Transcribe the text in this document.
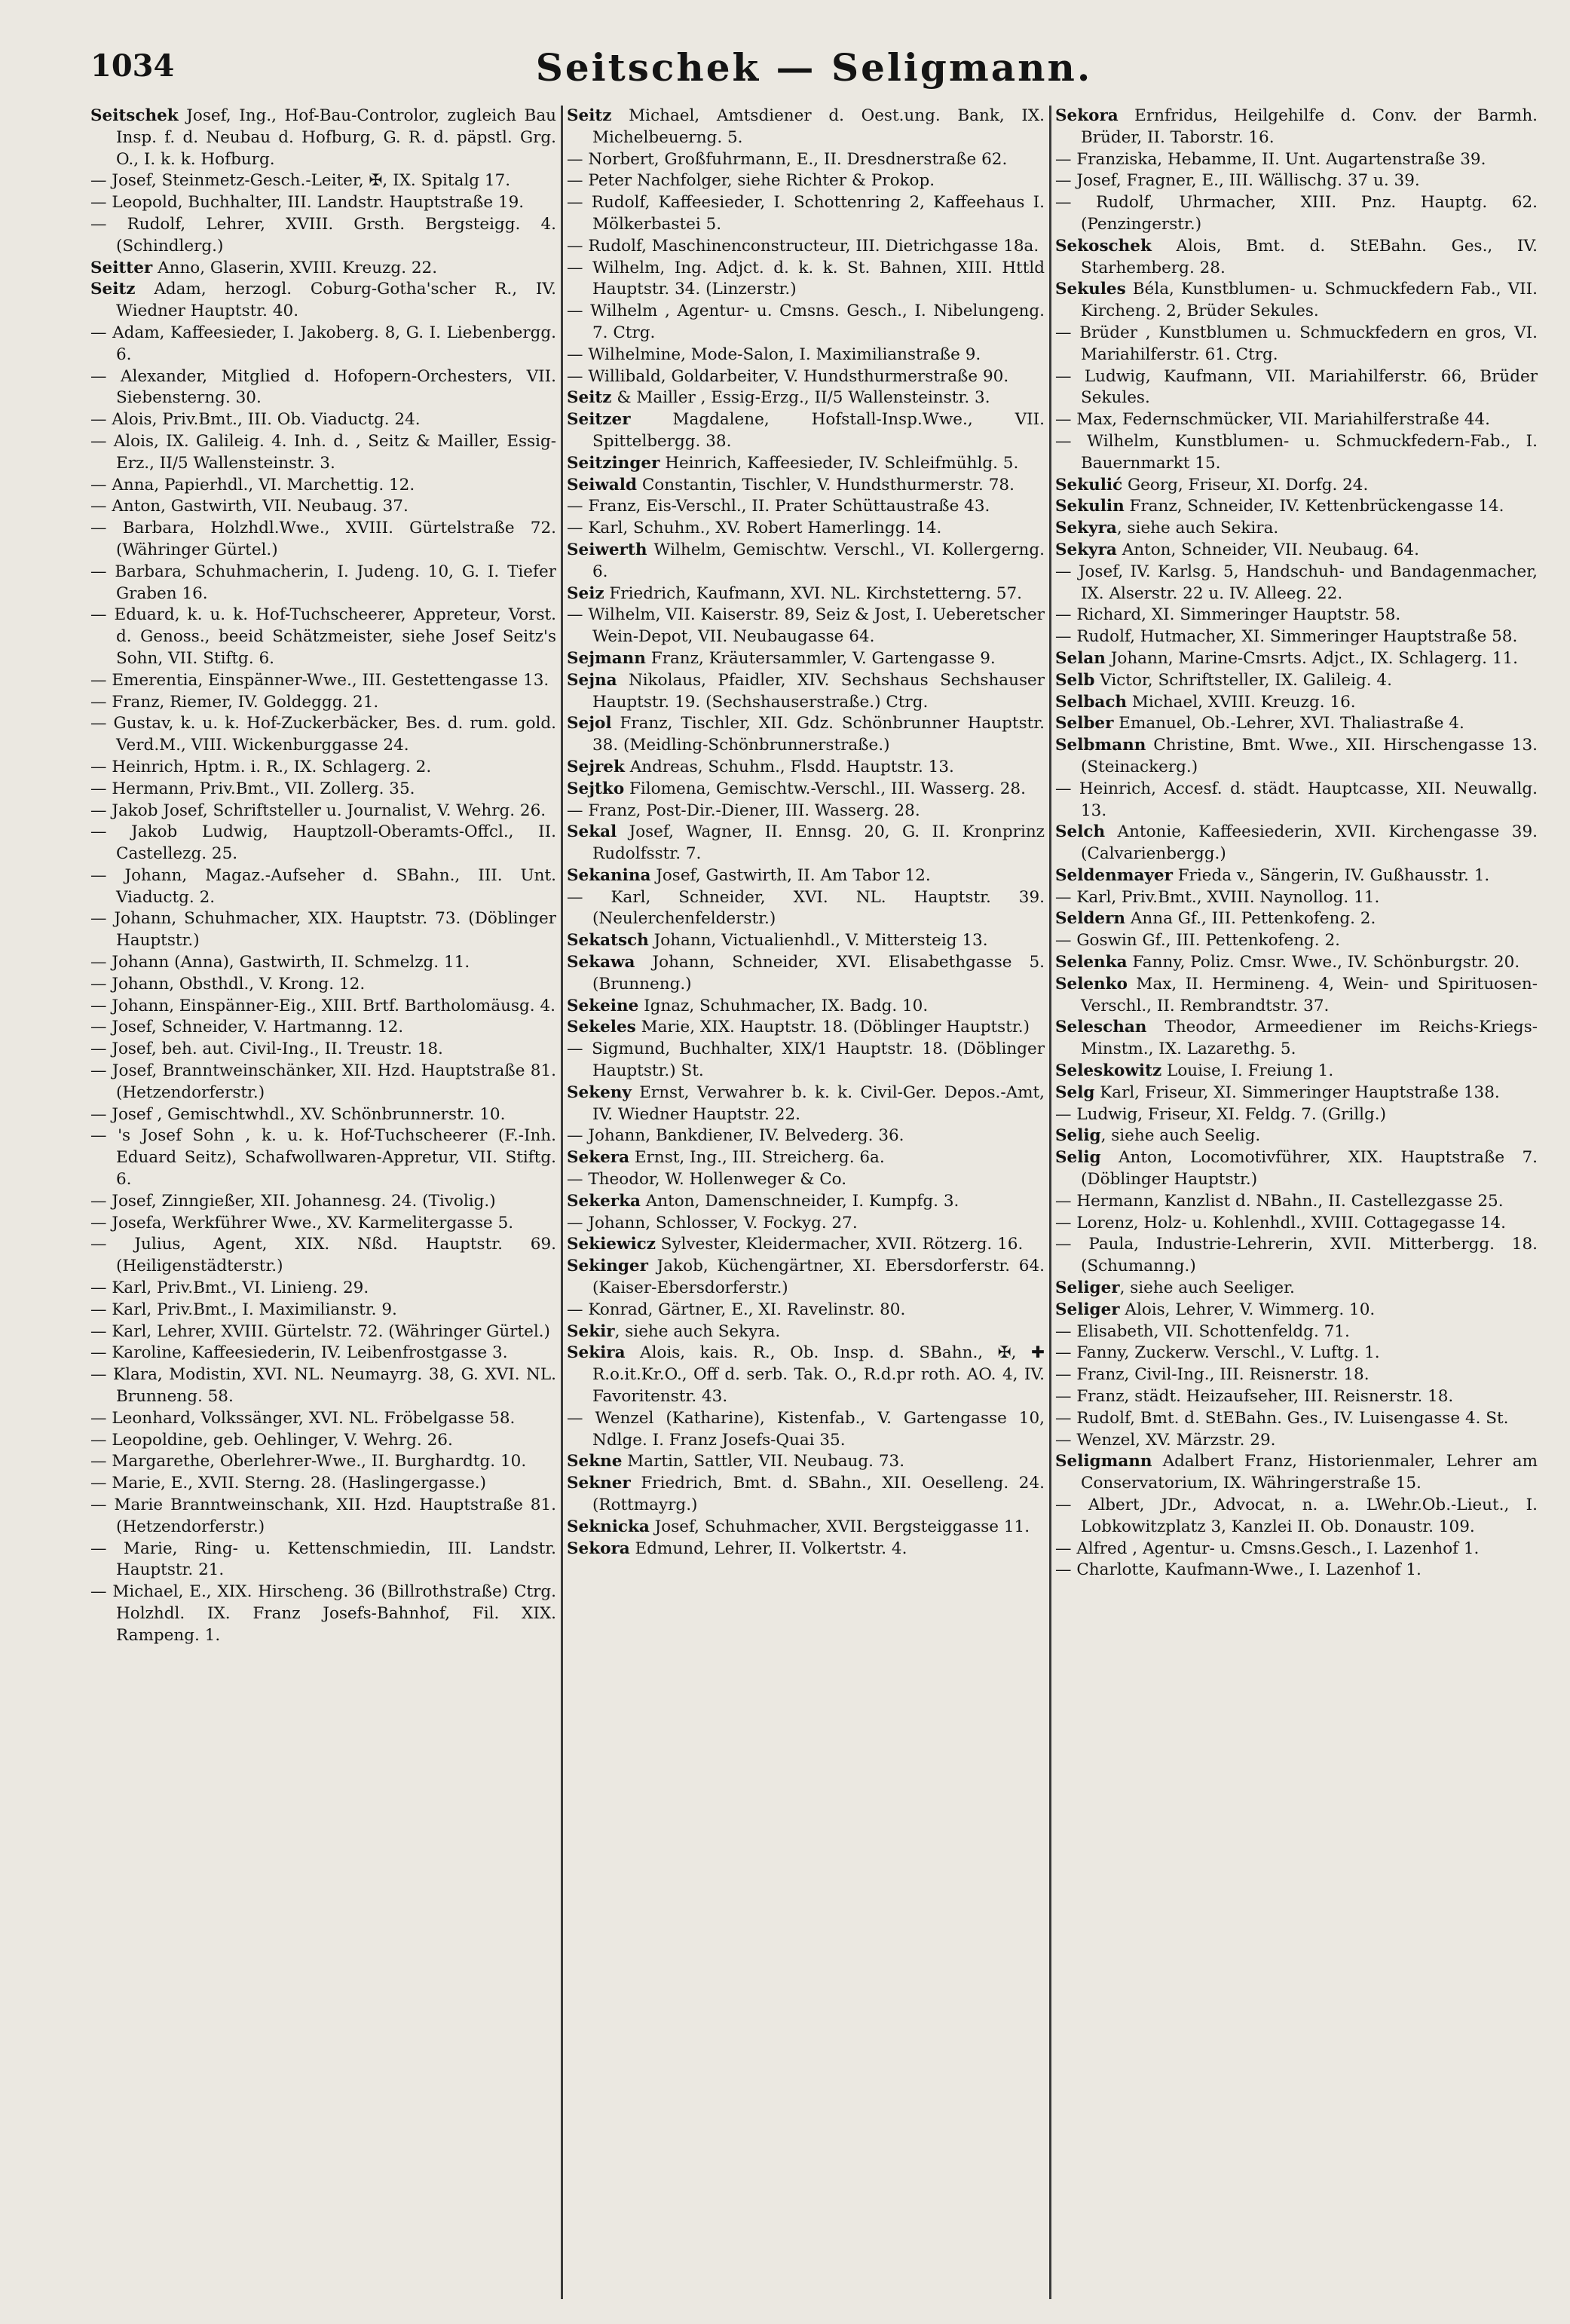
1034	Seitschek — Seligmann.

Seitschek Josef, Ing., Hof-Bau-Controlor, zugleich Bau Insp. f. d. Neubau d. Hofburg, G. R. d. päpstl. Grg. O., I. k. k. Hofburg.

— Josef, Steinmetz-Gesch.-Leiter, ✠, IX. Spitalg 17.

— Leopold, Buchhalter, III. Landstr. Hauptstraße 19.

— Rudolf, Lehrer, XVIII. Grsth. Bergsteigg. 4. (Schindlerg.)

Seitter Anno, Glaserin, XVIII. Kreuzg. 22.

Seitz Adam, herzogl. Coburg-Gotha'scher R., IV. Wiedner Hauptstr. 40.

— Adam, Kaffeesieder, I. Jakoberg. 8, G. I. Liebenbergg. 6.

— Alexander, Mitglied d. Hofopern-Orchesters, VII. Siebensterng. 30.

— Alois, Priv.Bmt., III. Ob. Viaductg. 24.

— Alois, IX. Galileig. 4. Inh. d. , Seitz & Mailler, Essig-Erz., II/5 Wallensteinstr. 3.

— Anna, Papierhdl., VI. Marchettig. 12.

— Anton, Gastwirth, VII. Neubaug. 37.

— Barbara, Holzhdl.Wwe., XVIII. Gürtelstraße 72. (Währinger Gürtel.)

— Barbara, Schuhmacherin, I. Judeng. 10, G. I. Tiefer Graben 16.

— Eduard, k. u. k. Hof-Tuchscheerer, Appreteur, Vorst. d. Genoss., beeid Schätzmeister, siehe Josef Seitz's Sohn, VII. Stiftg. 6.

— Emerentia, Einspänner-Wwe., III. Gestettengasse 13.

— Franz, Riemer, IV. Goldeggg. 21.

— Gustav, k. u. k. Hof-Zuckerbäcker, Bes. d. rum. gold. Verd.M., VIII. Wickenburggasse 24.

— Heinrich, Hptm. i. R., IX. Schlagerg. 2.

— Hermann, Priv.Bmt., VII. Zollerg. 35.

— Jakob Josef, Schriftsteller u. Journalist, V. Wehrg. 26.

— Jakob Ludwig, Hauptzoll-Oberamts-Offcl., II. Castellezg. 25.

— Johann, Magaz.-Aufseher d. SBahn., III. Unt. Viaductg. 2.

— Johann, Schuhmacher, XIX. Hauptstr. 73. (Döblinger Hauptstr.)

— Johann (Anna), Gastwirth, II. Schmelzg. 11.

— Johann, Obsthdl., V. Krong. 12.

— Johann, Einspänner-Eig., XIII. Brtf. Bartholomäusg. 4.

— Josef, Schneider, V. Hartmanng. 12.

— Josef, beh. aut. Civil-Ing., II. Treustr. 18.

— Josef, Branntweinschänker, XII. Hzd. Hauptstraße 81. (Hetzendorferstr.)

— Josef , Gemischtwhdl., XV. Schönbrunnerstr. 10.

— 's Josef Sohn , k. u. k. Hof-Tuchscheerer (F.-Inh. Eduard Seitz), Schafwollwaren-Appretur, VII. Stiftg. 6.

— Josef, Zinngießer, XII. Johannesg. 24. (Tivolig.)

— Josefa, Werkführer Wwe., XV. Karmelitergasse 5.

— Julius, Agent, XIX. Nßd. Hauptstr. 69. (Heiligenstädterstr.)

— Karl, Priv.Bmt., VI. Linieng. 29.

— Karl, Priv.Bmt., I. Maximilianstr. 9.

— Karl, Lehrer, XVIII. Gürtelstr. 72. (Währinger Gürtel.)

— Karoline, Kaffeesiederin, IV. Leibenfrostgasse 3.

— Klara, Modistin, XVI. NL. Neumayrg. 38, G. XVI. NL. Brunneng. 58.

— Leonhard, Volkssänger, XVI. NL. Fröbelgasse 58.

— Leopoldine, geb. Oehlinger, V. Wehrg. 26.

— Margarethe, Oberlehrer-Wwe., II. Burghardtg. 10.

— Marie, E., XVII. Sterng. 28. (Haslingergasse.)

— Marie Branntweinschank, XII. Hzd. Hauptstraße 81. (Hetzendorferstr.)

— Marie, Ring- u. Kettenschmiedin, III. Landstr. Hauptstr. 21.

— Michael, E., XIX. Hirscheng. 36 (Billrothstraße) Ctrg. Holzhdl. IX. Franz Josefs-Bahnhof, Fil. XIX. Rampeng. 1.

Seitz Michael, Amtsdiener d. Oest.ung. Bank, IX. Michelbeuerng. 5.

— Norbert, Großfuhrmann, E., II. Dresdnerstraße 62.

— Peter Nachfolger, siehe Richter & Prokop.

— Rudolf, Kaffeesieder, I. Schottenring 2, Kaffeehaus I. Mölkerbastei 5.

— Rudolf, Maschinenconstructeur, III. Dietrichgasse 18a.

— Wilhelm, Ing. Adjct. d. k. k. St. Bahnen, XIII. Httld Hauptstr. 34. (Linzerstr.)

— Wilhelm , Agentur- u. Cmsns. Gesch., I. Nibelungeng. 7. Ctrg.

— Wilhelmine, Mode-Salon, I. Maximilianstraße 9.

— Willibald, Goldarbeiter, V. Hundsthurmerstraße 90.

Seitz & Mailler , Essig-Erzg., II/5 Wallensteinstr. 3.

Seitzer Magdalene, Hofstall-Insp.Wwe., VII. Spittelbergg. 38.

Seitzinger Heinrich, Kaffeesieder, IV. Schleifmühlg. 5.

Seiwald Constantin, Tischler, V. Hundsthurmerstr. 78.

— Franz, Eis-Verschl., II. Prater Schüttaustraße 43.

— Karl, Schuhm., XV. Robert Hamerlingg. 14.

Seiwerth Wilhelm, Gemischtw. Verschl., VI. Kollergerng. 6.

Seiz Friedrich, Kaufmann, XVI. NL. Kirchstetterng. 57.

— Wilhelm, VII. Kaiserstr. 89, Seiz & Jost, I. Ueberetscher Wein-Depot, VII. Neubaugasse 64.

Sejmann Franz, Kräutersammler, V. Gartengasse 9.

Sejna Nikolaus, Pfaidler, XIV. Sechshaus Sechshauser Hauptstr. 19. (Sechshauserstraße.) Ctrg.

Sejol Franz, Tischler, XII. Gdz. Schönbrunner Hauptstr. 38. (Meidling-Schönbrunnerstraße.)

Sejrek Andreas, Schuhm., Flsdd. Hauptstr. 13.

Sejtko Filomena, Gemischtw.-Verschl., III. Wasserg. 28.

— Franz, Post-Dir.-Diener, III. Wasserg. 28.

Sekal Josef, Wagner, II. Ennsg. 20, G. II. Kronprinz Rudolfsstr. 7.

Sekanina Josef, Gastwirth, II. Am Tabor 12.

— Karl, Schneider, XVI. NL. Hauptstr. 39. (Neulerchenfelderstr.)

Sekatsch Johann, Victualienhdl., V. Mittersteig 13.

Sekawa Johann, Schneider, XVI. Elisabethgasse 5. (Brunneng.)

Sekeine Ignaz, Schuhmacher, IX. Badg. 10.

Sekeles Marie, XIX. Hauptstr. 18. (Döblinger Hauptstr.)

— Sigmund, Buchhalter, XIX/1 Hauptstr. 18. (Döblinger Hauptstr.) St.

Sekeny Ernst, Verwahrer b. k. k. Civil-Ger. Depos.-Amt, IV. Wiedner Hauptstr. 22.

— Johann, Bankdiener, IV. Belvederg. 36.

Sekera Ernst, Ing., III. Streicherg. 6a.

— Theodor, W. Hollenweger & Co.

Sekerka Anton, Damenschneider, I. Kumpfg. 3.

— Johann, Schlosser, V. Fockyg. 27.

Sekiewicz Sylvester, Kleidermacher, XVII. Rötzerg. 16.

Sekinger Jakob, Küchengärtner, XI. Ebersdorferstr. 64. (Kaiser-Ebersdorferstr.)

— Konrad, Gärtner, E., XI. Ravelinstr. 80.

Sekir, siehe auch Sekyra.

Sekira Alois, kais. R., Ob. Insp. d. SBahn., ✠, ✚ R.o.it.Kr.O., Off d. serb. Tak. O., R.d.pr roth. AO. 4, IV. Favoritenstr. 43.

— Wenzel (Katharine), Kistenfab., V. Gartengasse 10, Ndlge. I. Franz Josefs-Quai 35.

Sekne Martin, Sattler, VII. Neubaug. 73.

Sekner Friedrich, Bmt. d. SBahn., XII. Oeselleng. 24. (Rottmayrg.)

Seknicka Josef, Schuhmacher, XVII. Bergsteiggasse 11.

Sekora Edmund, Lehrer, II. Volkertstr. 4.

Sekora Ernfridus, Heilgehilfe d. Conv. der Barmh. Brüder, II. Taborstr. 16.

— Franziska, Hebamme, II. Unt. Augartenstraße 39.

— Josef, Fragner, E., III. Wällischg. 37 u. 39.

— Rudolf, Uhrmacher, XIII. Pnz. Hauptg. 62. (Penzingerstr.)

Sekoschek Alois, Bmt. d. StEBahn. Ges., IV. Starhemberg. 28.

Sekules Béla, Kunstblumen- u. Schmuckfedern Fab., VII. Kircheng. 2, Brüder Sekules.

— Brüder , Kunstblumen u. Schmuckfedern en gros, VI. Mariahilferstr. 61. Ctrg.

— Ludwig, Kaufmann, VII. Mariahilferstr. 66, Brüder Sekules.

— Max, Federnschmücker, VII. Mariahilferstraße 44.

— Wilhelm, Kunstblumen- u. Schmuckfedern-Fab., I. Bauernmarkt 15.

Sekulić Georg, Friseur, XI. Dorfg. 24.

Sekulin Franz, Schneider, IV. Kettenbrückengasse 14.

Sekyra, siehe auch Sekira.

Sekyra Anton, Schneider, VII. Neubaug. 64.

— Josef, IV. Karlsg. 5, Handschuh- und Bandagenmacher, IX. Alserstr. 22 u. IV. Alleeg. 22.

— Richard, XI. Simmeringer Hauptstr. 58.

— Rudolf, Hutmacher, XI. Simmeringer Hauptstraße 58.

Selan Johann, Marine-Cmsrts. Adjct., IX. Schlagerg. 11.

Selb Victor, Schriftsteller, IX. Galileig. 4.

Selbach Michael, XVIII. Kreuzg. 16.

Selber Emanuel, Ob.-Lehrer, XVI. Thaliastraße 4.

Selbmann Christine, Bmt. Wwe., XII. Hirschengasse 13. (Steinackerg.)

— Heinrich, Accesf. d. städt. Hauptcasse, XII. Neuwallg. 13.

Selch Antonie, Kaffeesiederin, XVII. Kirchengasse 39. (Calvarienbergg.)

Seldenmayer Frieda v., Sängerin, IV. Gußhausstr. 1.

— Karl, Priv.Bmt., XVIII. Naynollog. 11.

Seldern Anna Gf., III. Pettenkofeng. 2.

— Goswin Gf., III. Pettenkofeng. 2.

Selenka Fanny, Poliz. Cmsr. Wwe., IV. Schönburgstr. 20.

Selenko Max, II. Hermineng. 4, Wein- und Spirituosen-Verschl., II. Rembrandtstr. 37.

Seleschan Theodor, Armeediener im Reichs-Kriegs-Minstm., IX. Lazarethg. 5.

Seleskowitz Louise, I. Freiung 1.

Selg Karl, Friseur, XI. Simmeringer Hauptstraße 138.

— Ludwig, Friseur, XI. Feldg. 7. (Grillg.)

Selig, siehe auch Seelig.

Selig Anton, Locomotivführer, XIX. Hauptstraße 7. (Döblinger Hauptstr.)

— Hermann, Kanzlist d. NBahn., II. Castellezgasse 25.

— Lorenz, Holz- u. Kohlenhdl., XVIII. Cottagegasse 14.

— Paula, Industrie-Lehrerin, XVII. Mitterbergg. 18. (Schumanng.)

Seliger, siehe auch Seeliger.

Seliger Alois, Lehrer, V. Wimmerg. 10.

— Elisabeth, VII. Schottenfeldg. 71.

— Fanny, Zuckerw. Verschl., V. Luftg. 1.

— Franz, Civil-Ing., III. Reisnerstr. 18.

— Franz, städt. Heizaufseher, III. Reisnerstr. 18.

— Rudolf, Bmt. d. StEBahn. Ges., IV. Luisengasse 4. St.

— Wenzel, XV. Märzstr. 29.

Seligmann Adalbert Franz, Historienmaler, Lehrer am Conservatorium, IX. Währingerstraße 15.

— Albert, JDr., Advocat, n. a. LWehr.Ob.-Lieut., I. Lobkowitzplatz 3, Kanzlei II. Ob. Donaustr. 109.

— Alfred , Agentur- u. Cmsns.Gesch., I. Lazenhof 1.

— Charlotte, Kaufmann-Wwe., I. Lazenhof 1.
